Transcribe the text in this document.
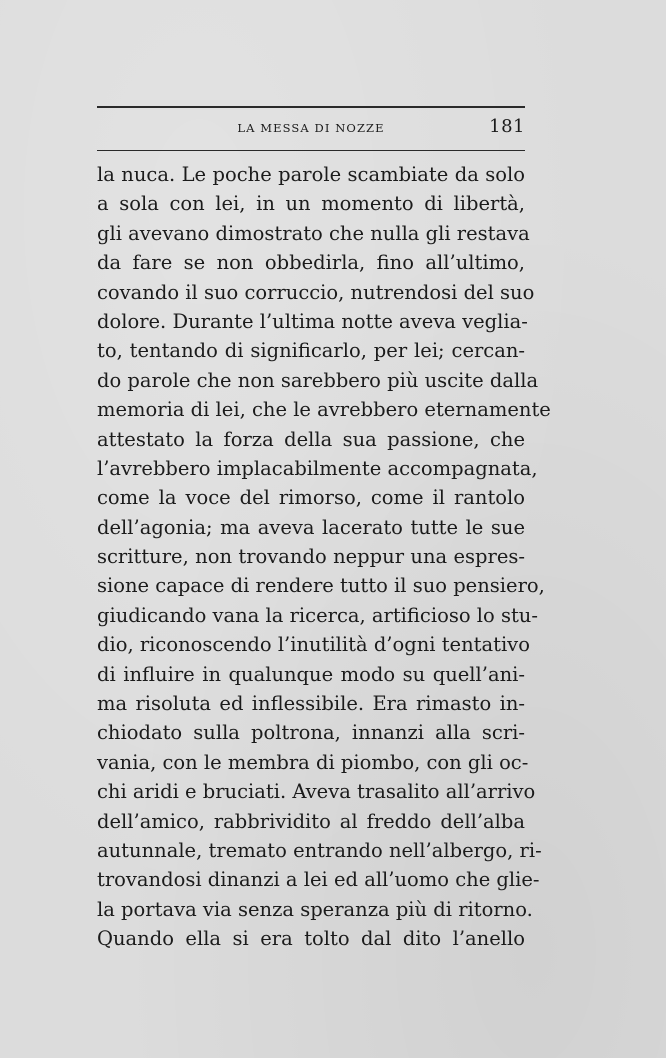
LA MESSA DI NOZZE	181
la nuca. Le poche parole scambiate da solo
a sola con lei, in un momento di libertà,
gli avevano dimostrato che nulla gli restava
da fare se non obbedirla, fino all’ultimo,
covando il suo corruccio, nutrendosi del suo
dolore. Durante l’ultima notte aveva veglia-
to, tentando di significarlo, per lei; cercan-
do parole che non sarebbero più uscite dalla
memoria di lei, che le avrebbero eternamente
attestato la forza della sua passione, che
l’avrebbero implacabilmente accompagnata,
come la voce del rimorso, come il rantolo
dell’agonia; ma aveva lacerato tutte le sue
scritture, non trovando neppur una espres-
sione capace di rendere tutto il suo pensiero,
giudicando vana la ricerca, artificioso lo stu-
dio, riconoscendo l’inutilità d’ogni tentativo
di influire in qualunque modo su quell’ani-
ma risoluta ed inflessibile. Era rimasto in-
chiodato sulla poltrona, innanzi alla scri-
vania, con le membra di piombo, con gli oc-
chi aridi e bruciati. Aveva trasalito all’arrivo
dell’amico, rabbrividito al freddo dell’alba
autunnale, tremato entrando nell’albergo, ri-
trovandosi dinanzi a lei ed all’uomo che glie-
la portava via senza speranza più di ritorno.
Quando ella si era tolto dal dito l’anello
